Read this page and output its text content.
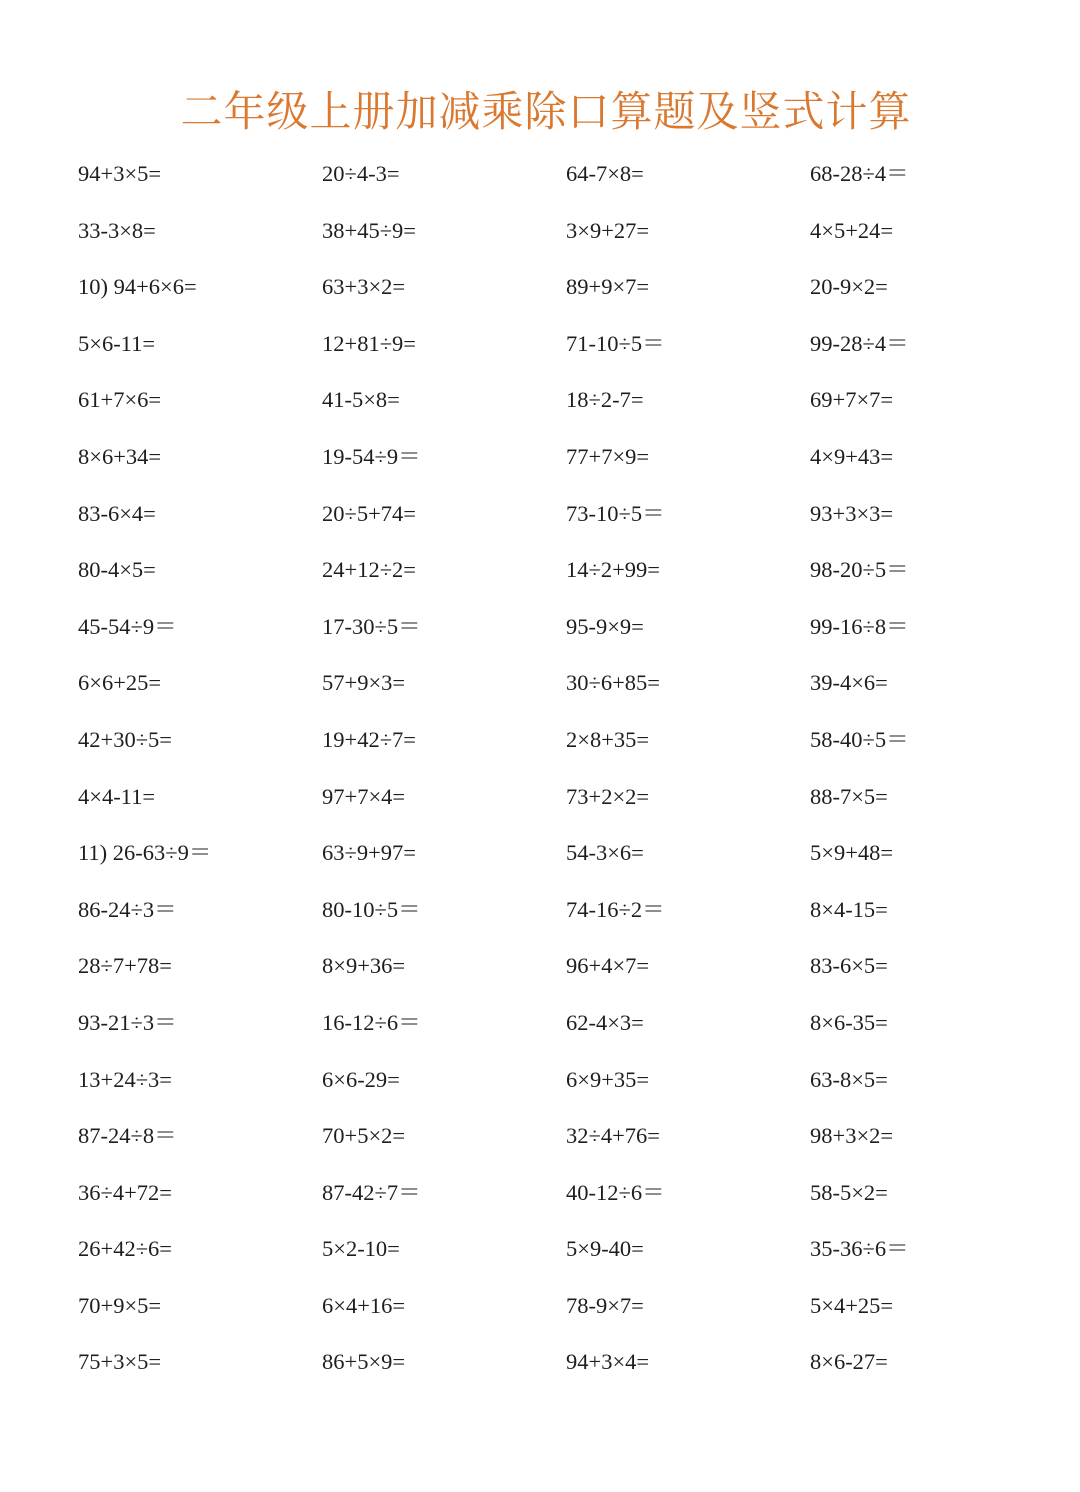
二年级上册加减乘除口算题及竖式计算
94+3×5=	20÷4-3=	64-7×8=	68-28÷4＝
33-3×8=	38+45÷9=	3×9+27=	4×5+24=
10) 94+6×6=	63+3×2=	89+9×7=	20-9×2=
5×6-11=	12+81÷9=	71-10÷5＝	99-28÷4＝
61+7×6=	41-5×8=	18÷2-7=	69+7×7=
8×6+34=	19-54÷9＝	77+7×9=	4×9+43=
83-6×4=	20÷5+74=	73-10÷5＝	93+3×3=
80-4×5=	24+12÷2=	14÷2+99=	98-20÷5＝
45-54÷9＝	17-30÷5＝	95-9×9=	99-16÷8＝
6×6+25=	57+9×3=	30÷6+85=	39-4×6=
42+30÷5=	19+42÷7=	2×8+35=	58-40÷5＝
4×4-11=	97+7×4=	73+2×2=	88-7×5=
11) 26-63÷9＝	63÷9+97=	54-3×6=	5×9+48=
86-24÷3＝	80-10÷5＝	74-16÷2＝	8×4-15=
28÷7+78=	8×9+36=	96+4×7=	83-6×5=
93-21÷3＝	16-12÷6＝	62-4×3=	8×6-35=
13+24÷3=	6×6-29=	6×9+35=	63-8×5=
87-24÷8＝	70+5×2=	32÷4+76=	98+3×2=
36÷4+72=	87-42÷7＝	40-12÷6＝	58-5×2=
26+42÷6=	5×2-10=	5×9-40=	35-36÷6＝
70+9×5=	6×4+16=	78-9×7=	5×4+25=
75+3×5=	86+5×9=	94+3×4=	8×6-27=
